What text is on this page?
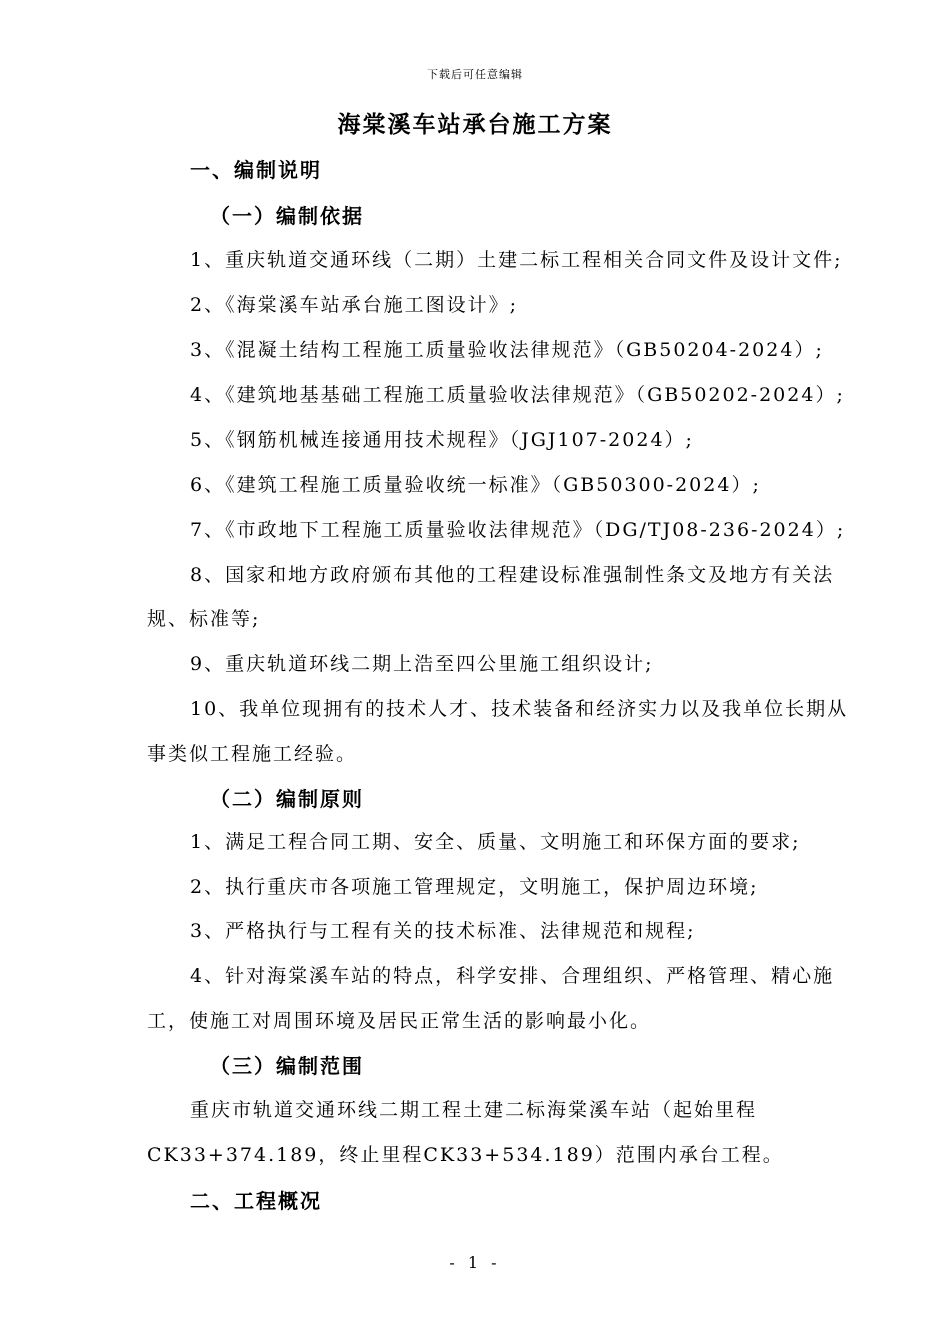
下载后可任意编辑
海棠溪车站承台施工方案
一、编制说明
（一）编制依据
1、重庆轨道交通环线（二期）土建二标工程相关合同文件及设计文件;
2、《海棠溪车站承台施工图设计》;
3、《混凝土结构工程施工质量验收法律规范》（GB50204-2024）;
4、《建筑地基基础工程施工质量验收法律规范》（GB50202-2024）;
5、《钢筋机械连接通用技术规程》（JGJ107-2024）;
6、《建筑工程施工质量验收统一标准》（GB50300-2024）;
7、《市政地下工程施工质量验收法律规范》（DG/TJ08-236-2024）;
8、国家和地方政府颁布其他的工程建设标准强制性条文及地方有关法
规、标准等;
9、重庆轨道环线二期上浩至四公里施工组织设计;
10、我单位现拥有的技术人才、技术装备和经济实力以及我单位长期从
事类似工程施工经验。
（二）编制原则
1、满足工程合同工期、安全、质量、文明施工和环保方面的要求;
2、执行重庆市各项施工管理规定，文明施工，保护周边环境;
3、严格执行与工程有关的技术标准、法律规范和规程;
4、针对海棠溪车站的特点，科学安排、合理组织、严格管理、精心施
工，使施工对周围环境及居民正常生活的影响最小化。
（三）编制范围
重庆市轨道交通环线二期工程土建二标海棠溪车站（起始里程
CK33+374.189，终止里程CK33+534.189）范围内承台工程。
二、工程概况
- 1 -
